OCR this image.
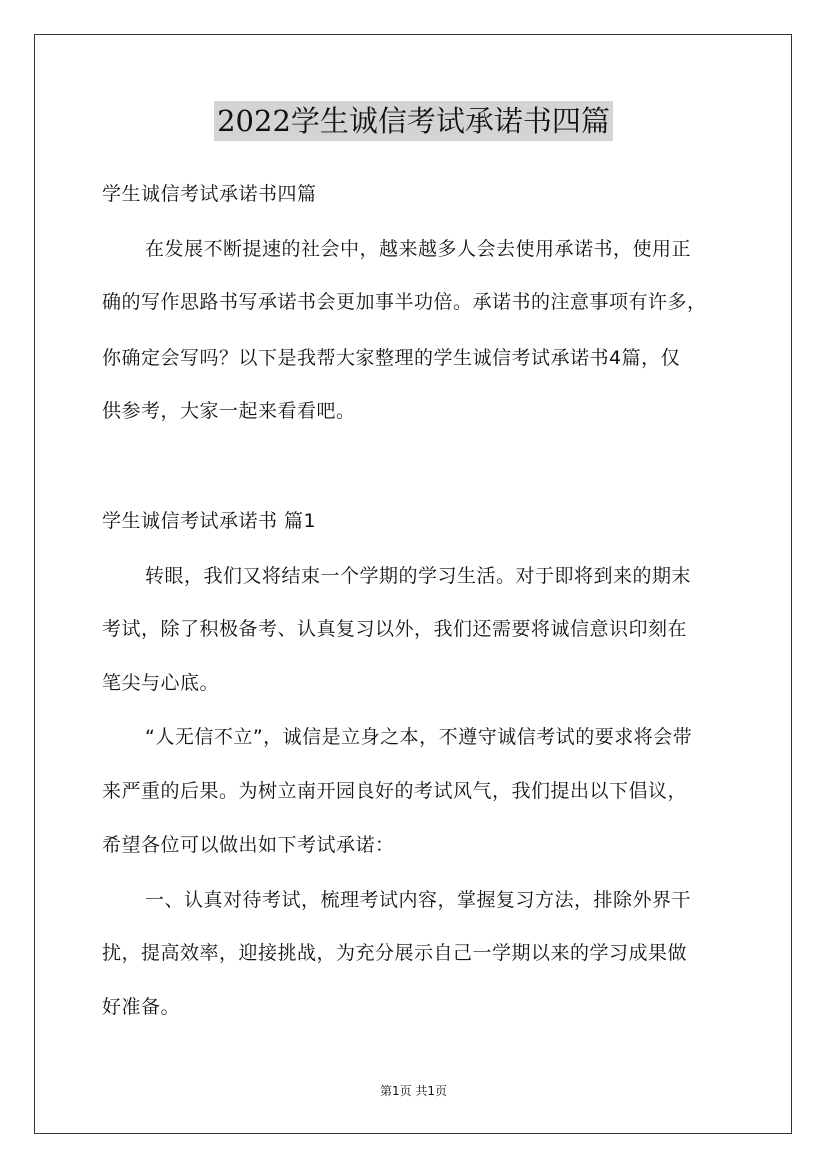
2022学生诚信考试承诺书四篇
学生诚信考试承诺书四篇
在发展不断提速的社会中，越来越多人会去使用承诺书，使用正
确的写作思路书写承诺书会更加事半功倍。承诺书的注意事项有许多，
你确定会写吗？以下是我帮大家整理的学生诚信考试承诺书4篇，仅
供参考，大家一起来看看吧。
学生诚信考试承诺书 篇1
转眼，我们又将结束一个学期的学习生活。对于即将到来的期末
考试，除了积极备考、认真复习以外，我们还需要将诚信意识印刻在
笔尖与心底。
“人无信不立”，诚信是立身之本，不遵守诚信考试的要求将会带
来严重的后果。为树立南开园良好的考试风气，我们提出以下倡议，
希望各位可以做出如下考试承诺：
一、认真对待考试，梳理考试内容，掌握复习方法，排除外界干
扰，提高效率，迎接挑战，为充分展示自己一学期以来的学习成果做
好准备。
第1页 共1页
